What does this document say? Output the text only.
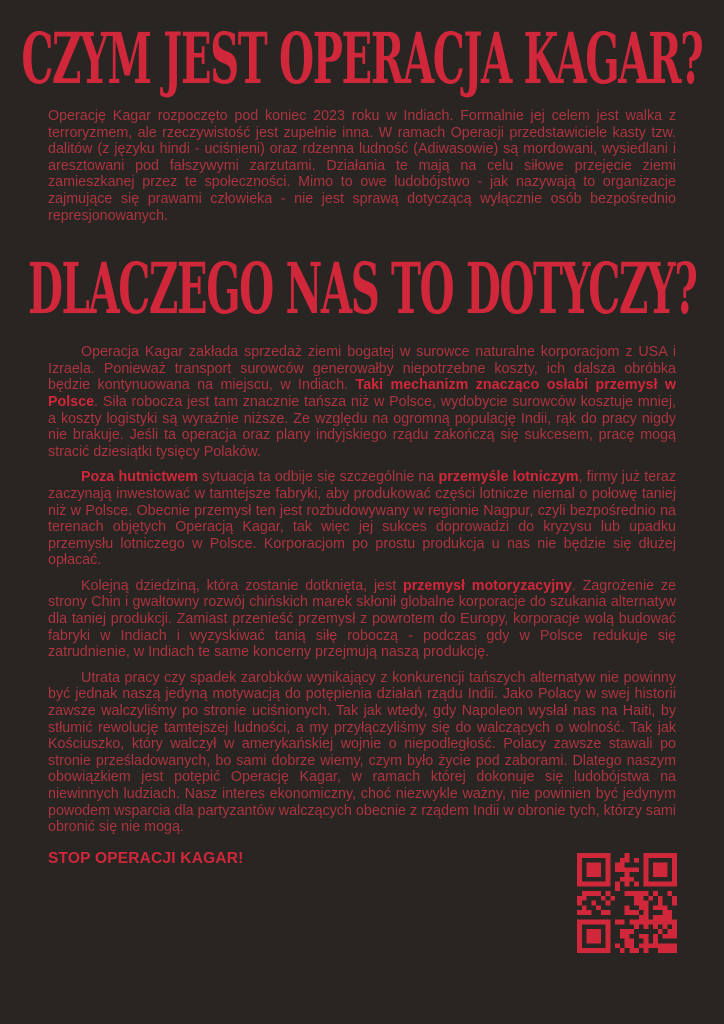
CZYM JEST OPERACJA KAGAR?

Operację Kagar rozpoczęto pod koniec 2023 roku w Indiach. Formalnie jej celem jest walka z terroryzmem, ale rzeczywistość jest zupełnie inna. W ramach Operacji przedstawiciele kasty tzw. dalitów (z języku hindi - uciśnieni) oraz rdzenna ludność (Adiwasowie) są mordowani, wysiedlani i aresztowani pod fałszywymi zarzutami. Działania te mają na celu siłowe przejęcie ziemi zamieszkanej przez te społeczności. Mimo to owe ludobójstwo - jak nazywają to organizacje zajmujące się prawami człowieka - nie jest sprawą dotyczącą wyłącznie osób bezpośrednio represjonowanych.

DLACZEGO NAS TO DOTYCZY?

Operacja Kagar zakłada sprzedaż ziemi bogatej w surowce naturalne korporacjom z USA i Izraela. Ponieważ transport surowców generowałby niepotrzebne koszty, ich dalsza obróbka będzie kontynuowana na miejscu, w Indiach. Taki mechanizm znacząco osłabi przemysł w Polsce. Siła robocza jest tam znacznie tańsza niż w Polsce, wydobycie surowców kosztuje mniej, a koszty logistyki są wyraźnie niższe. Ze względu na ogromną populację Indii, rąk do pracy nigdy nie brakuje. Jeśli ta operacja oraz plany indyjskiego rządu zakończą się sukcesem, pracę mogą stracić dziesiątki tysięcy Polaków.

Poza hutnictwem sytuacja ta odbije się szczególnie na przemyśle lotniczym, firmy już teraz zaczynają inwestować w tamtejsze fabryki, aby produkować części lotnicze niemal o połowę taniej niż w Polsce. Obecnie przemysł ten jest rozbudowywany w regionie Nagpur, czyli bezpośrednio na terenach objętych Operacją Kagar, tak więc jej sukces doprowadzi do kryzysu lub upadku przemysłu lotniczego w Polsce. Korporacjom po prostu produkcja u nas nie będzie się dłużej opłacać.

Kolejną dziedziną, która zostanie dotknięta, jest przemysł motoryzacyjny. Zagrożenie ze strony Chin i gwałtowny rozwój chińskich marek skłonił globalne korporacje do szukania alternatyw dla taniej produkcji. Zamiast przenieść przemysł z powrotem do Europy, korporacje wolą budować fabryki w Indiach i wyzyskiwać tanią siłę roboczą - podczas gdy w Polsce redukuje się zatrudnienie, w Indiach te same koncerny przejmują naszą produkcję.

Utrata pracy czy spadek zarobków wynikający z konkurencji tańszych alternatyw nie powinny być jednak naszą jedyną motywacją do potępienia działań rządu Indii. Jako Polacy w swej historii zawsze walczyliśmy po stronie uciśnionych. Tak jak wtedy, gdy Napoleon wysłał nas na Haiti, by stłumić rewolucję tamtejszej ludności, a my przyłączyliśmy się do walczących o wolność. Tak jak Kościuszko, który walczył w amerykańskiej wojnie o niepodległość. Polacy zawsze stawali po stronie prześladowanych, bo sami dobrze wiemy, czym było życie pod zaborami. Dlatego naszym obowiązkiem jest potępić Operację Kagar, w ramach której dokonuje się ludobójstwa na niewinnych ludziach. Nasz interes ekonomiczny, choć niezwykle ważny, nie powinien być jedynym powodem wsparcia dla partyzantów walczących obecnie z rządem Indii w obronie tych, którzy sami obronić się nie mogą.

STOP OPERACJI KAGAR!
